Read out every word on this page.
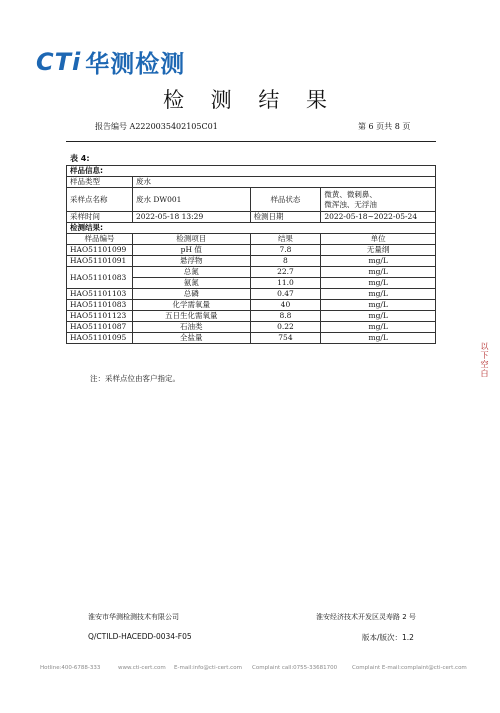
CTi 华测检测
检 测 结 果
报告编号 A2220035402105C01	第 6 页共 8 页
表 4:
样品信息:			
样品类型	废水		
采样点名称	废水 DW001	样品状态	微黄、微刺鼻、
微浑浊、无浮油

采样时间	2022-05-18 13:29	检测日期	2022-05-18~2022-05-24
检测结果:			
样品编号	检测项目	结果	单位
HAO51101099	pH 值	7.8	无量纲
HAO51101091	悬浮物	8	mg/L
HAO51101083	总氮	22.7	mg/L
	氨氮	11.0	mg/L
HAO51101103	总磷	0.47	mg/L
HAO51101083	化学需氧量	40	mg/L
HAO51101123	五日生化需氧量	8.8	mg/L
HAO51101087	石油类	0.22	mg/L
HAO51101095	全盐量	754	mg/L
注：采样点位由客户指定。
以下空白
淮安市华测检测技术有限公司	淮安经济技术开发区灵寿路 2 号
Q/CTILD-HACEDD-0034-F05	版本/版次：1.2
Hotline:400-6788-333	www.cti-cert.com E-mail:info@cti-cert.com Complaint call:0755-33681700	Complaint E-mail:complaint@cti-cert.com
